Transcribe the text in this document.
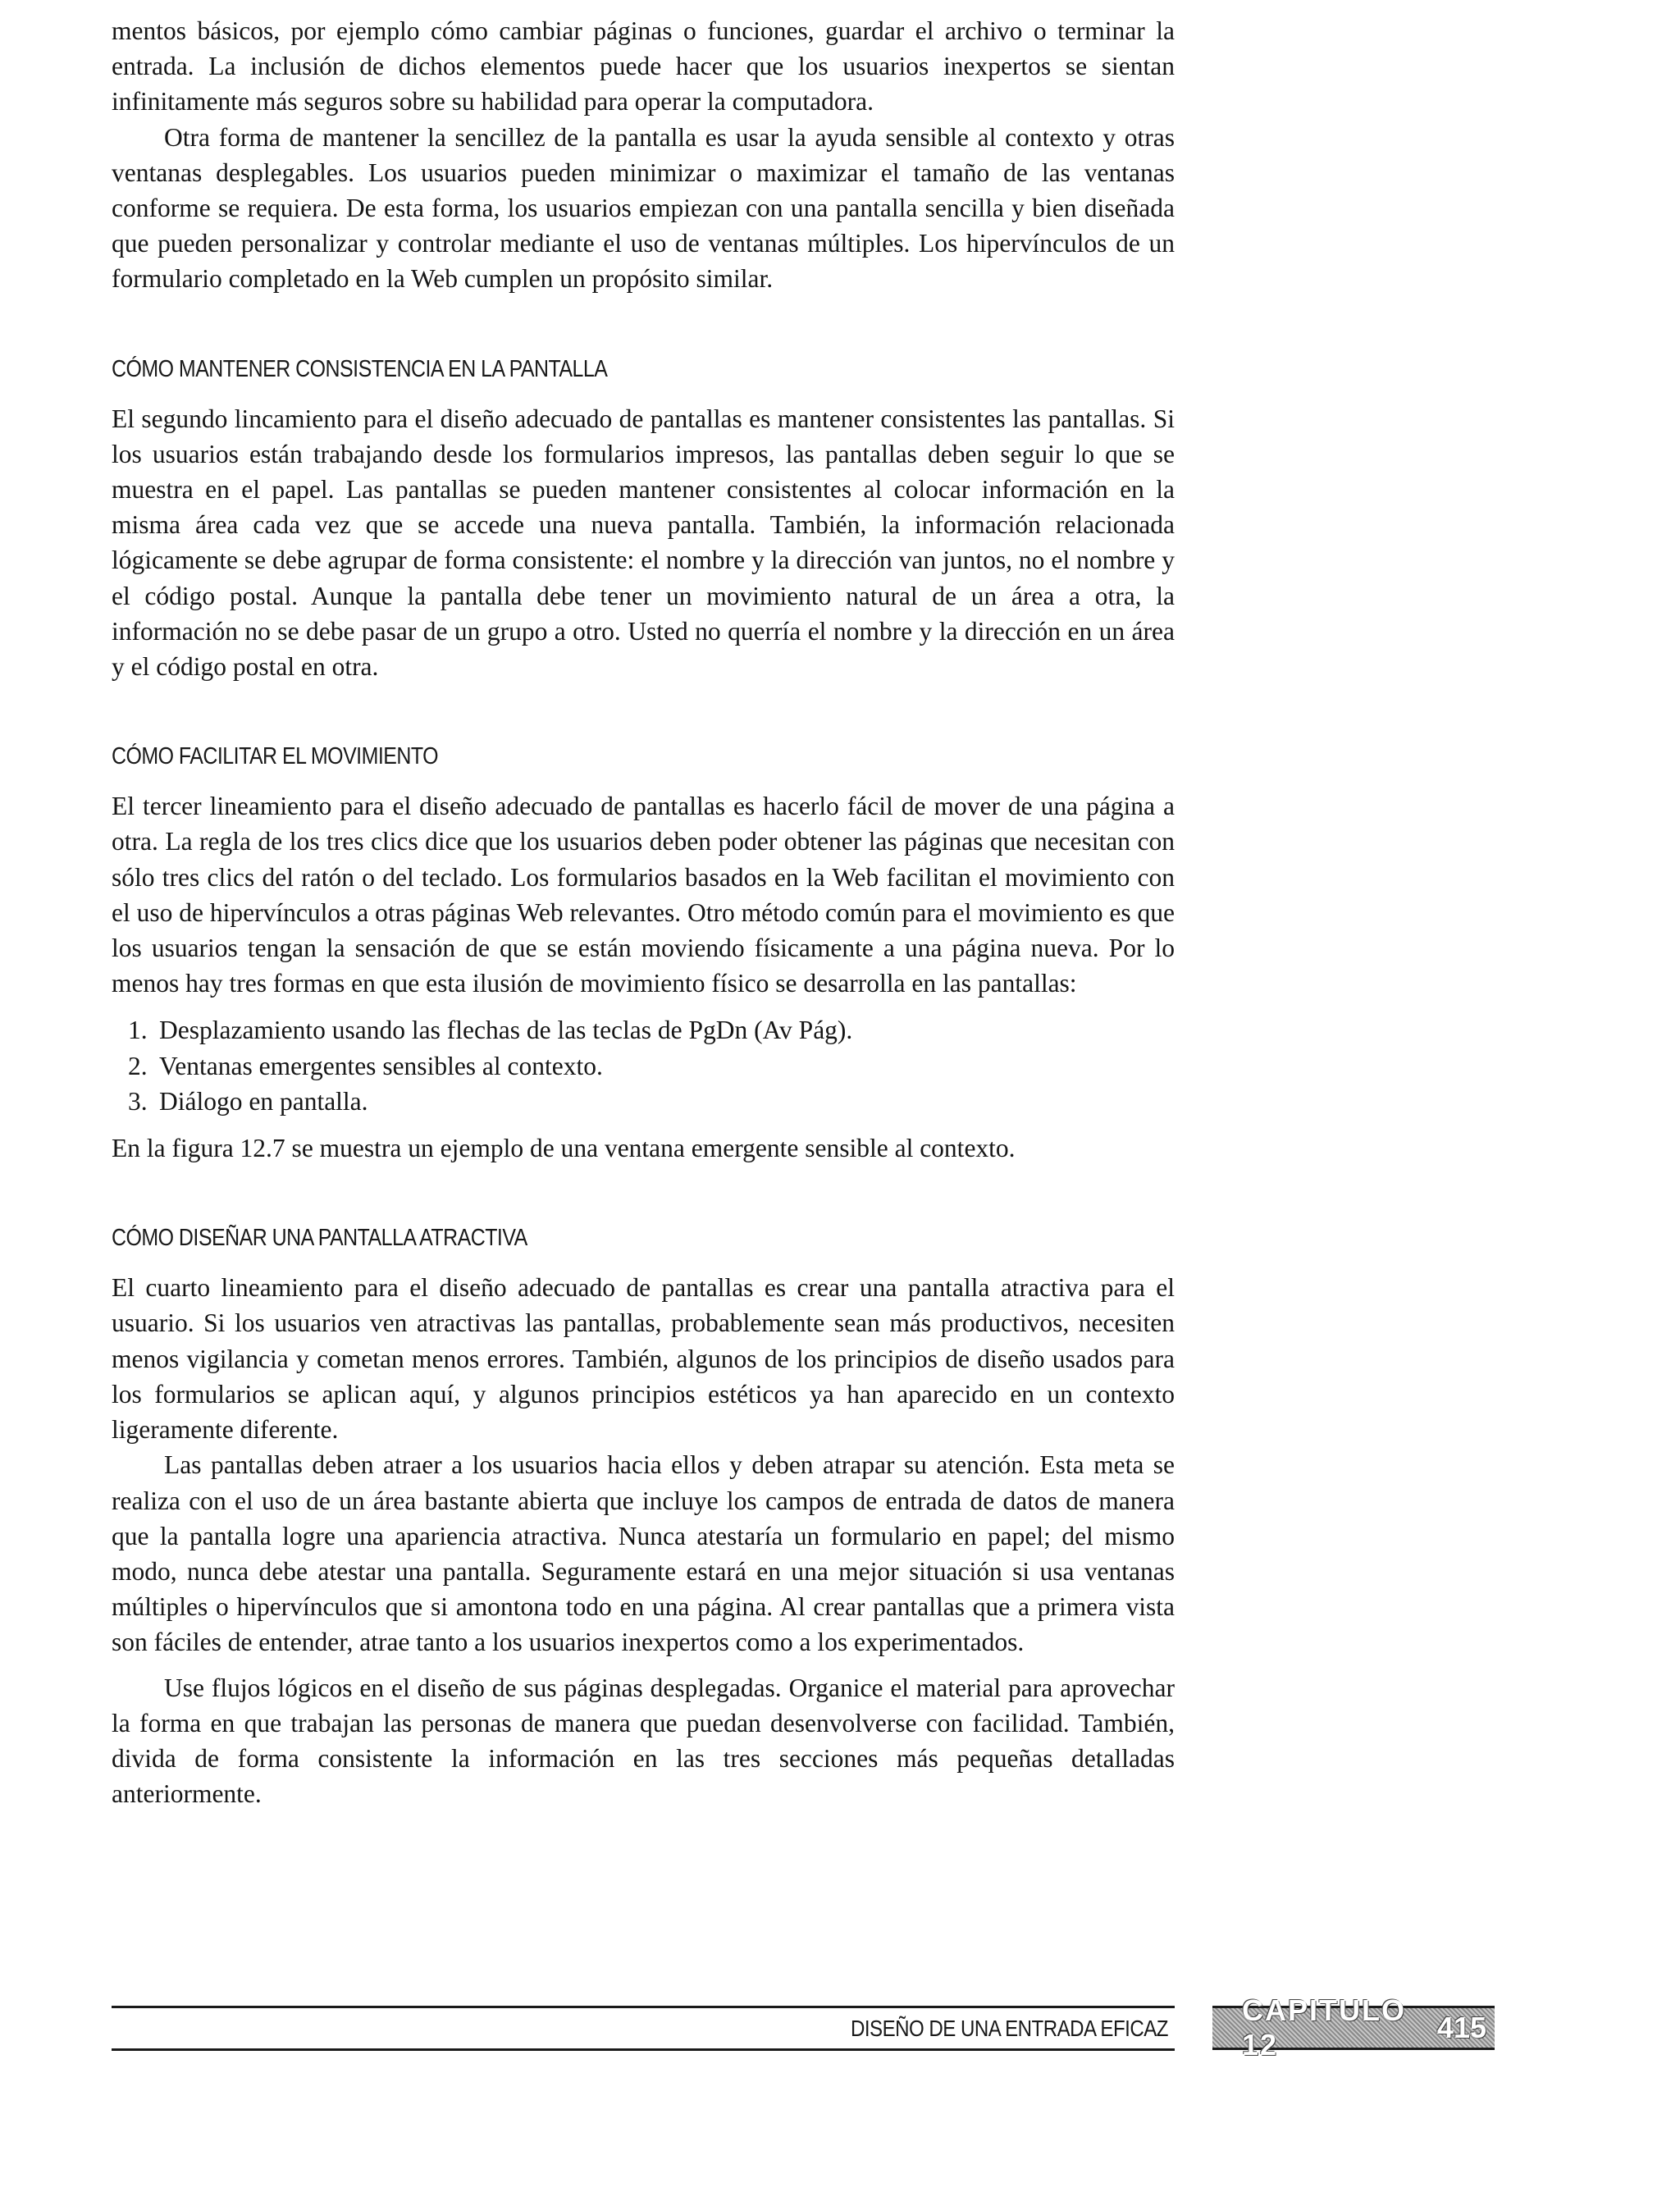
mentos básicos, por ejemplo cómo cambiar páginas o funciones, guardar el archivo o terminar la entrada. La inclusión de dichos elementos puede hacer que los usuarios inexpertos se sientan infinitamente más seguros sobre su habilidad para operar la computadora.

Otra forma de mantener la sencillez de la pantalla es usar la ayuda sensible al contexto y otras ventanas desplegables. Los usuarios pueden minimizar o maximizar el tamaño de las ventanas conforme se requiera. De esta forma, los usuarios empiezan con una pantalla sencilla y bien diseñada que pueden personalizar y controlar mediante el uso de ventanas múltiples. Los hipervínculos de un formulario completado en la Web cumplen un propósito similar.

CÓMO MANTENER CONSISTENCIA EN LA PANTALLA

El segundo lincamiento para el diseño adecuado de pantallas es mantener consistentes las pantallas. Si los usuarios están trabajando desde los formularios impresos, las pantallas deben seguir lo que se muestra en el papel. Las pantallas se pueden mantener consistentes al colocar información en la misma área cada vez que se accede una nueva pantalla. También, la información relacionada lógicamente se debe agrupar de forma consistente: el nombre y la dirección van juntos, no el nombre y el código postal. Aunque la pantalla debe tener un movimiento natural de un área a otra, la información no se debe pasar de un grupo a otro. Usted no querría el nombre y la dirección en un área y el código postal en otra.

CÓMO FACILITAR EL MOVIMIENTO

El tercer lineamiento para el diseño adecuado de pantallas es hacerlo fácil de mover de una página a otra. La regla de los tres clics dice que los usuarios deben poder obtener las páginas que necesitan con sólo tres clics del ratón o del teclado. Los formularios basados en la Web facilitan el movimiento con el uso de hipervínculos a otras páginas Web relevantes. Otro método común para el movimiento es que los usuarios tengan la sensación de que se están moviendo físicamente a una página nueva. Por lo menos hay tres formas en que esta ilusión de movimiento físico se desarrolla en las pantallas:

1. Desplazamiento usando las flechas de las teclas de PgDn (Av Pág).
2. Ventanas emergentes sensibles al contexto.
3. Diálogo en pantalla.

En la figura 12.7 se muestra un ejemplo de una ventana emergente sensible al contexto.

CÓMO DISEÑAR UNA PANTALLA ATRACTIVA

El cuarto lineamiento para el diseño adecuado de pantallas es crear una pantalla atractiva para el usuario. Si los usuarios ven atractivas las pantallas, probablemente sean más productivos, necesiten menos vigilancia y cometan menos errores. También, algunos de los principios de diseño usados para los formularios se aplican aquí, y algunos principios estéticos ya han aparecido en un contexto ligeramente diferente.

Las pantallas deben atraer a los usuarios hacia ellos y deben atrapar su atención. Esta meta se realiza con el uso de un área bastante abierta que incluye los campos de entrada de datos de manera que la pantalla logre una apariencia atractiva. Nunca atestaría un formulario en papel; del mismo modo, nunca debe atestar una pantalla. Seguramente estará en una mejor situación si usa ventanas múltiples o hipervínculos que si amontona todo en una página. Al crear pantallas que a primera vista son fáciles de entender, atrae tanto a los usuarios inexpertos como a los experimentados.

Use flujos lógicos en el diseño de sus páginas desplegadas. Organice el material para aprovechar la forma en que trabajan las personas de manera que puedan desenvolverse con facilidad. También, divida de forma consistente la información en las tres secciones más pequeñas detalladas anteriormente.

DISEÑO DE UNA ENTRADA EFICAZ
CAPITULO 12
415
